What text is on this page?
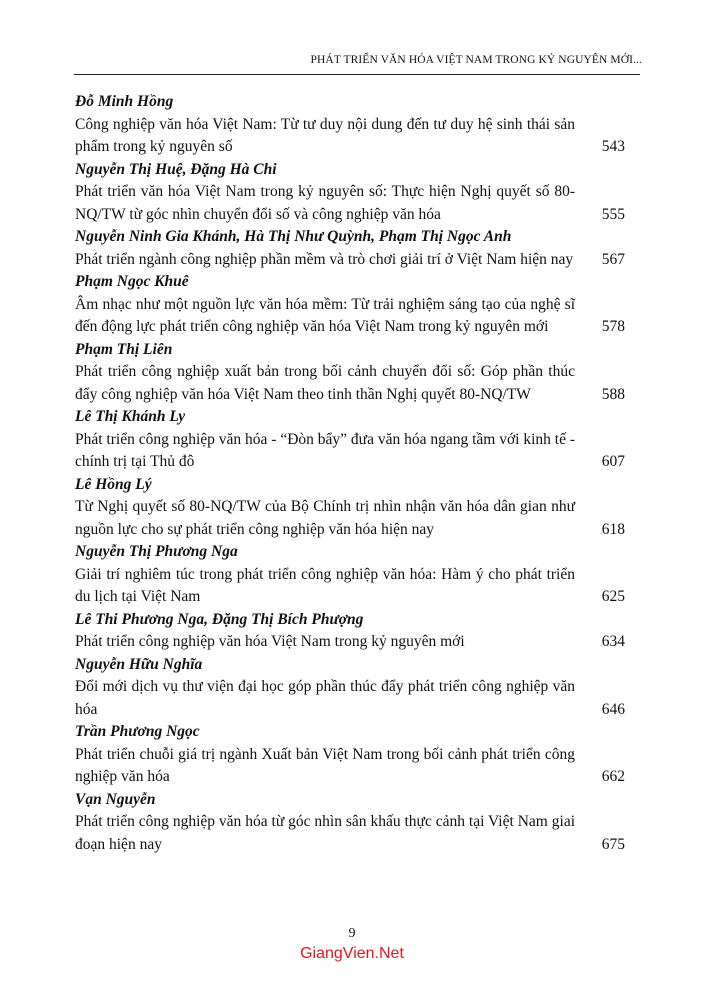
PHÁT TRIỂN VĂN HÓA VIỆT NAM TRONG KỶ NGUYÊN MỚI...
Đỗ Minh Hồng
Công nghiệp văn hóa Việt Nam: Từ tư duy nội dung đến tư duy hệ sinh thái sản phẩm trong kỷ nguyên số	543
Nguyễn Thị Huệ, Đặng Hà Chi
Phát triển văn hóa Việt Nam trong kỷ nguyên số: Thực hiện Nghị quyết số 80-NQ/TW từ góc nhìn chuyển đổi số và công nghiệp văn hóa	555
Nguyễn Ninh Gia Khánh, Hà Thị Như Quỳnh, Phạm Thị Ngọc Anh
Phát triển ngành công nghiệp phần mềm và trò chơi giải trí ở Việt Nam hiện nay	567
Phạm Ngọc Khuê
Âm nhạc như một nguồn lực văn hóa mềm: Từ trải nghiệm sáng tạo của nghệ sĩ đến động lực phát triển công nghiệp văn hóa Việt Nam trong kỷ nguyên mới	578
Phạm Thị Liên
Phát triển công nghiệp xuất bản trong bối cảnh chuyển đổi số: Góp phần thúc đẩy công nghiệp văn hóa Việt Nam theo tinh thần Nghị quyết 80-NQ/TW	588
Lê Thị Khánh Ly
Phát triển công nghiệp văn hóa - “Đòn bẩy” đưa văn hóa ngang tầm với kinh tế - chính trị tại Thủ đô	607
Lê Hồng Lý
Từ Nghị quyết số 80-NQ/TW của Bộ Chính trị nhìn nhận văn hóa dân gian như nguồn lực cho sự phát triển công nghiệp văn hóa hiện nay	618
Nguyễn Thị Phương Nga
Giải trí nghiêm túc trong phát triển công nghiệp văn hóa: Hàm ý cho phát triển du lịch tại Việt Nam	625
Lê Thi Phương Nga, Đặng Thị Bích Phượng
Phát triển công nghiệp văn hóa Việt Nam trong kỷ nguyên mới	634
Nguyễn Hữu Nghĩa
Đổi mới dịch vụ thư viện đại học góp phần thúc đẩy phát triển công nghiệp văn hóa	646
Trần Phương Ngọc
Phát triển chuỗi giá trị ngành Xuất bản Việt Nam trong bối cảnh phát triển công nghiệp văn hóa	662
Vạn Nguyễn
Phát triển công nghiệp văn hóa từ góc nhìn sân khấu thực cảnh tại Việt Nam giai đoạn hiện nay	675
9
GiangVien.Net
